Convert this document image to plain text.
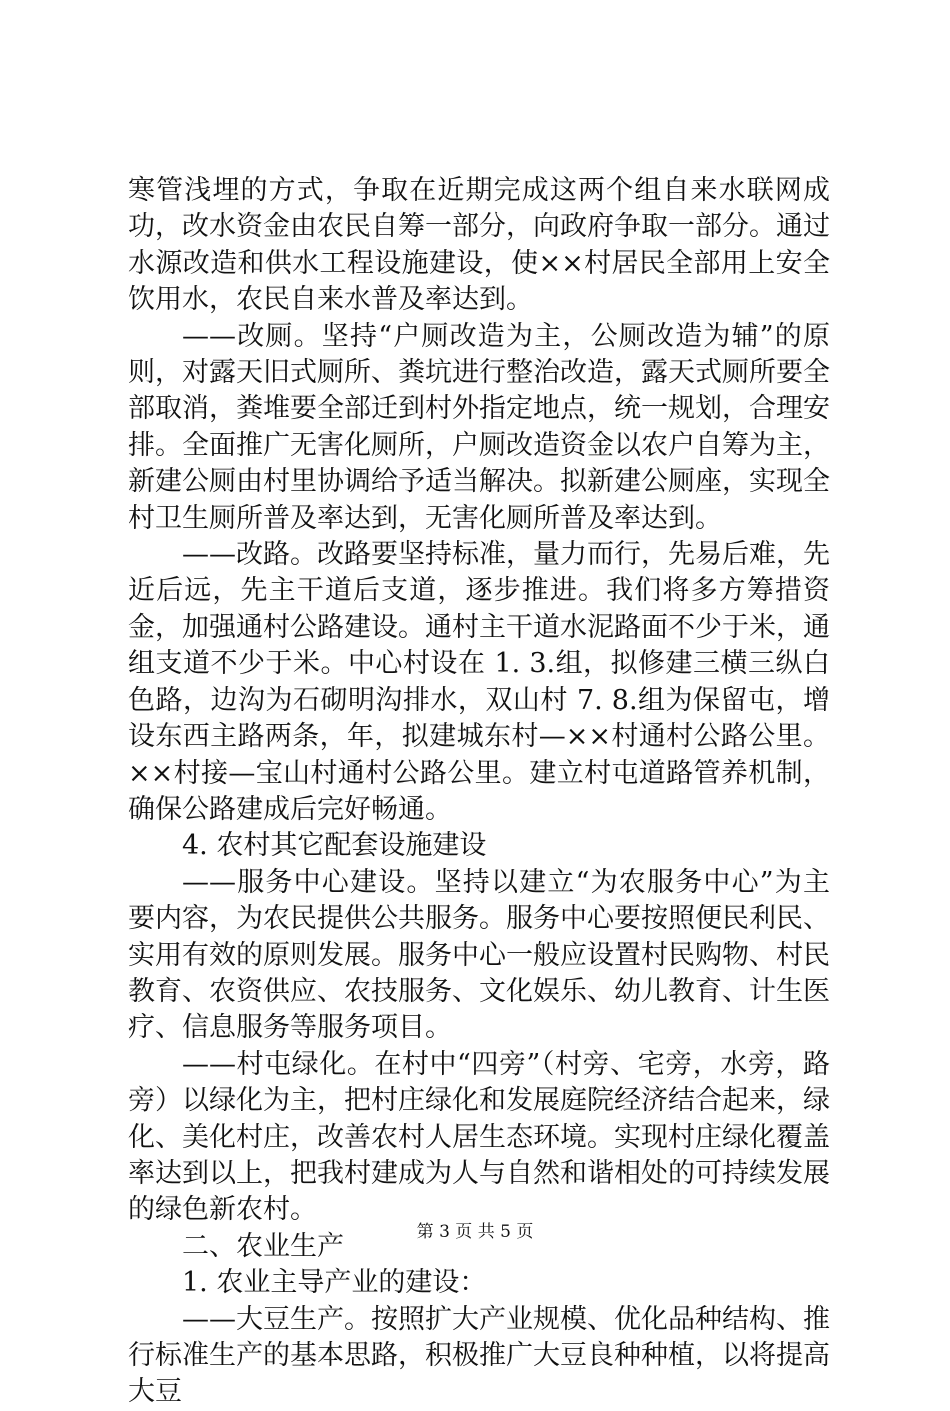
寒管浅埋的方式，争取在近期完成这两个组自来水联网成功，改水资金由农民自筹一部分，向政府争取一部分。通过水源改造和供水工程设施建设，使××村居民全部用上安全饮用水，农民自来水普及率达到。

——改厕。坚持“户厕改造为主，公厕改造为辅”的原则，对露天旧式厕所、粪坑进行整治改造，露天式厕所要全部取消，粪堆要全部迁到村外指定地点，统一规划，合理安排。全面推广无害化厕所，户厕改造资金以农户自筹为主，新建公厕由村里协调给予适当解决。拟新建公厕座，实现全村卫生厕所普及率达到，无害化厕所普及率达到。

——改路。改路要坚持标准，量力而行，先易后难，先近后远，先主干道后支道，逐步推进。我们将多方筹措资金，加强通村公路建设。通村主干道水泥路面不少于米，通组支道不少于米。中心村设在 1. 3.组，拟修建三横三纵白色路，边沟为石砌明沟排水，双山村 7. 8.组为保留屯，增设东西主路两条，年，拟建城东村—××村通村公路公里。××村接—宝山村通村公路公里。建立村屯道路管养机制，确保公路建成后完好畅通。

4. 农村其它配套设施建设

——服务中心建设。坚持以建立“为农服务中心”为主要内容，为农民提供公共服务。服务中心要按照便民利民、实用有效的原则发展。服务中心一般应设置村民购物、村民教育、农资供应、农技服务、文化娱乐、幼儿教育、计生医疗、信息服务等服务项目。

——村屯绿化。在村中“四旁”（村旁、宅旁，水旁，路旁）以绿化为主，把村庄绿化和发展庭院经济结合起来，绿化、美化村庄，改善农村人居生态环境。实现村庄绿化覆盖率达到以上，把我村建成为人与自然和谐相处的可持续发展的绿色新农村。

二、农业生产

1. 农业主导产业的建设：

——大豆生产。按照扩大产业规模、优化品种结构、推行标准生产的基本思路，积极推广大豆良种种植，以将提高大豆

第 3 页 共 5 页
